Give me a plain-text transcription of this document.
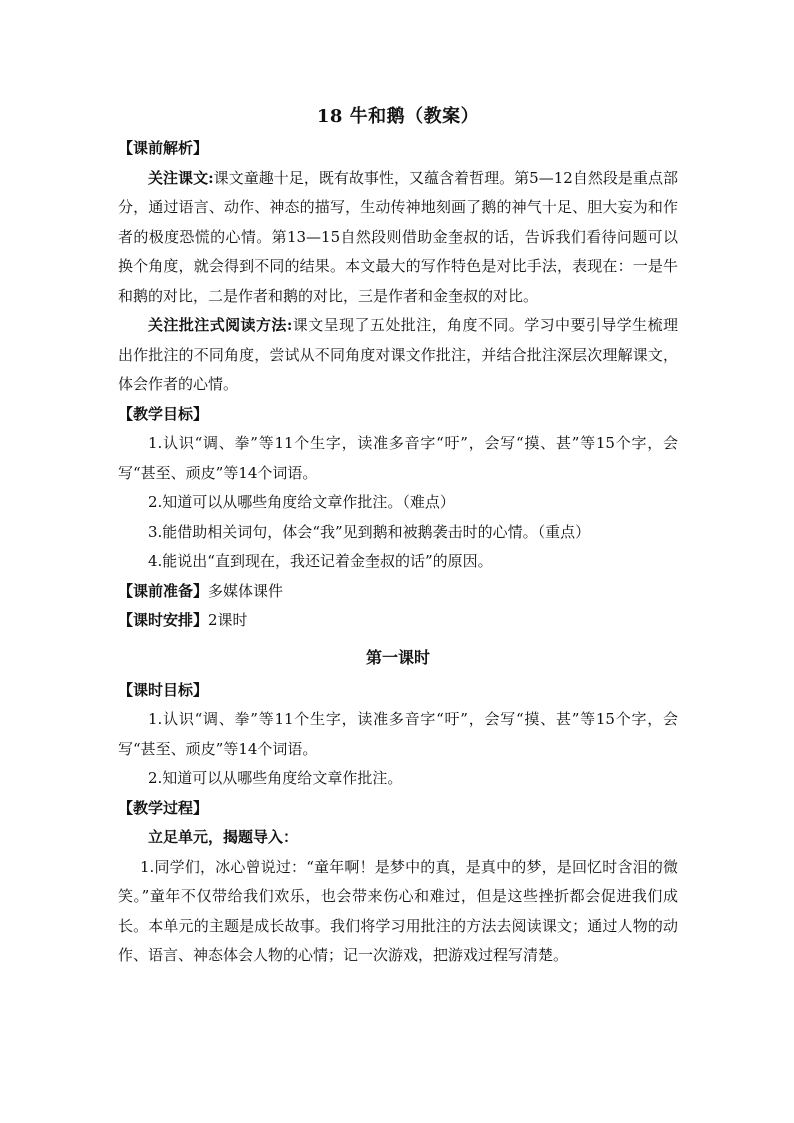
18 牛和鹅（教案）
【课前解析】
关注课文:课文童趣十足，既有故事性，又蕴含着哲理。第5—12自然段是重点部分，通过语言、动作、神态的描写，生动传神地刻画了鹅的神气十足、胆大妄为和作者的极度恐慌的心情。第13—15自然段则借助金奎叔的话，告诉我们看待问题可以换个角度，就会得到不同的结果。本文最大的写作特色是对比手法，表现在：一是牛和鹅的对比，二是作者和鹅的对比，三是作者和金奎叔的对比。
关注批注式阅读方法:课文呈现了五处批注，角度不同。学习中要引导学生梳理出作批注的不同角度，尝试从不同角度对课文作批注，并结合批注深层次理解课文，体会作者的心情。
【教学目标】
1.认识“调、拳”等11个生字，读准多音字“吁”，会写“摸、甚”等15个字，会写“甚至、顽皮”等14个词语。
2.知道可以从哪些角度给文章作批注。（难点）
3.能借助相关词句，体会“我”见到鹅和被鹅袭击时的心情。（重点）
4.能说出“直到现在，我还记着金奎叔的话”的原因。
【课前准备】多媒体课件
【课时安排】2课时
第一课时
【课时目标】
1.认识“调、拳”等11个生字，读准多音字“吁”，会写“摸、甚”等15个字，会写“甚至、顽皮”等14个词语。
2.知道可以从哪些角度给文章作批注。
【教学过程】
立足单元，揭题导入：
1.同学们，冰心曾说过：“童年啊！是梦中的真，是真中的梦，是回忆时含泪的微笑。”童年不仅带给我们欢乐，也会带来伤心和难过，但是这些挫折都会促进我们成长。本单元的主题是成长故事。我们将学习用批注的方法去阅读课文；通过人物的动作、语言、神态体会人物的心情；记一次游戏，把游戏过程写清楚。
